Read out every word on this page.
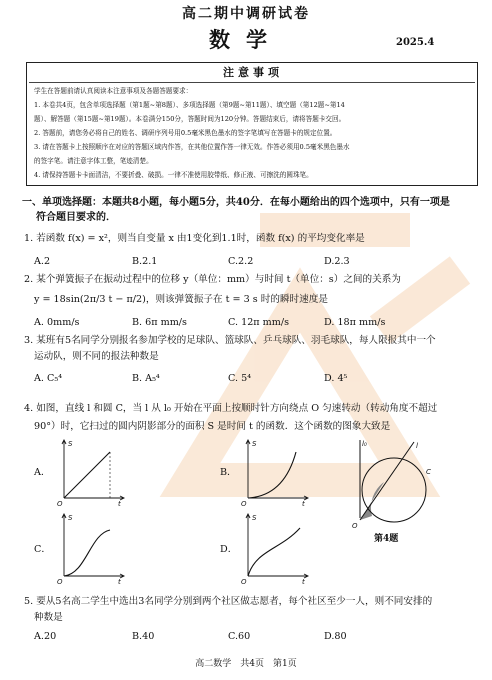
高二期中调研试卷
数学	2025.4
注意事项
学生在答题前请认真阅读本注意事项及各题答题要求：
1. 本卷共4页，包含单项选择题（第1题~第8题）、多项选择题（第9题~第11题）、填空题（第12题~第14
题）、解答题（第15题~第19题）。本卷满分150分，答题时间为120分钟。答题结束后，请将答题卡交回。
2. 答题前，请您务必将自己的姓名、调研序列号用0.5毫米黑色墨水的签字笔填写在答题卡的规定位置。
3. 请在答题卡上按照顺序在对应的答题区域内作答，在其他位置作答一律无效。作答必须用0.5毫米黑色墨水
的签字笔。请注意字体工整，笔迹清楚。
4. 请保持答题卡卡面清洁，不要折叠、破损。一律不准使用胶带纸、修正液、可擦洗的圆珠笔。
一、单项选择题：本题共8小题，每小题5分，共40分．在每小题给出的四个选项中，只有一项是
符合题目要求的．
1. 若函数 f(x) = x²，则当自变量 x 由1变化到1.1时，函数 f(x) 的平均变化率是
A.2	B.2.1	C.2.2	D.2.3
2. 某个弹簧振子在振动过程中的位移 y（单位：mm）与时间 t（单位：s）之间的关系为
y = 18sin(2π/3 t − π/2)，则该弹簧振子在 t = 3 s 时的瞬时速度是
A. 0mm/s	B. 6π mm/s	C. 12π mm/s	D. 18π mm/s
3. 某班有5名同学分别报名参加学校的足球队、篮球队、乒乓球队、羽毛球队，每人限报其中一个
运动队，则不同的报法种数是
A. C₅⁴	B. A₅⁴	C. 5⁴	D. 4⁵
4. 如图，直线 l 和圆 C，当 l 从 l₀ 开始在平面上按顺时针方向绕点 O 匀速转动（转动角度不超过
90°）时，它扫过的圆内阴影部分的面积 S 是时间 t 的函数．这个函数的图象大致是
A．
S
t
O
B．
S
t
O
C．
S
t
O
D．
S
t
O
l₀	l
C
O
第4题
5. 要从5名高二学生中选出3名同学分别到两个社区做志愿者，每个社区至少一人，则不同安排的
种数是
A.20	B.40	C.60	D.80
高二数学　共4页　第1页
